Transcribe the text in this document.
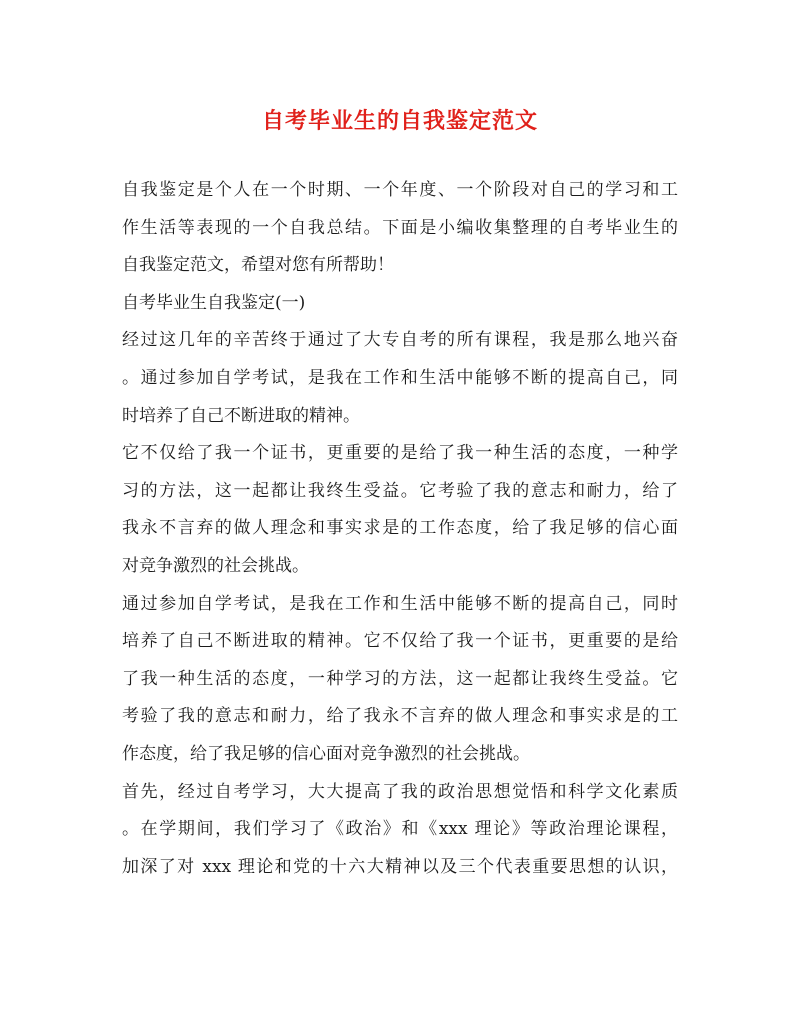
自考毕业生的自我鉴定范文
自我鉴定是个人在一个时期、一个年度、一个阶段对自己的学习和工
作生活等表现的一个自我总结。下面是小编收集整理的自考毕业生的
自我鉴定范文，希望对您有所帮助！
自考毕业生自我鉴定(一)
经过这几年的辛苦终于通过了大专自考的所有课程，我是那么地兴奋
。通过参加自学考试，是我在工作和生活中能够不断的提高自己，同
时培养了自己不断进取的精神。
它不仅给了我一个证书，更重要的是给了我一种生活的态度，一种学
习的方法，这一起都让我终生受益。它考验了我的意志和耐力，给了
我永不言弃的做人理念和事实求是的工作态度，给了我足够的信心面
对竞争激烈的社会挑战。
通过参加自学考试，是我在工作和生活中能够不断的提高自己，同时
培养了自己不断进取的精神。它不仅给了我一个证书，更重要的是给
了我一种生活的态度，一种学习的方法，这一起都让我终生受益。它
考验了我的意志和耐力，给了我永不言弃的做人理念和事实求是的工
作态度，给了我足够的信心面对竞争激烈的社会挑战。
首先，经过自考学习，大大提高了我的政治思想觉悟和科学文化素质
。在学期间，我们学习了《政治》和《xxx 理论》等政治理论课程，
加深了对 xxx 理论和党的十六大精神以及三个代表重要思想的认识，
